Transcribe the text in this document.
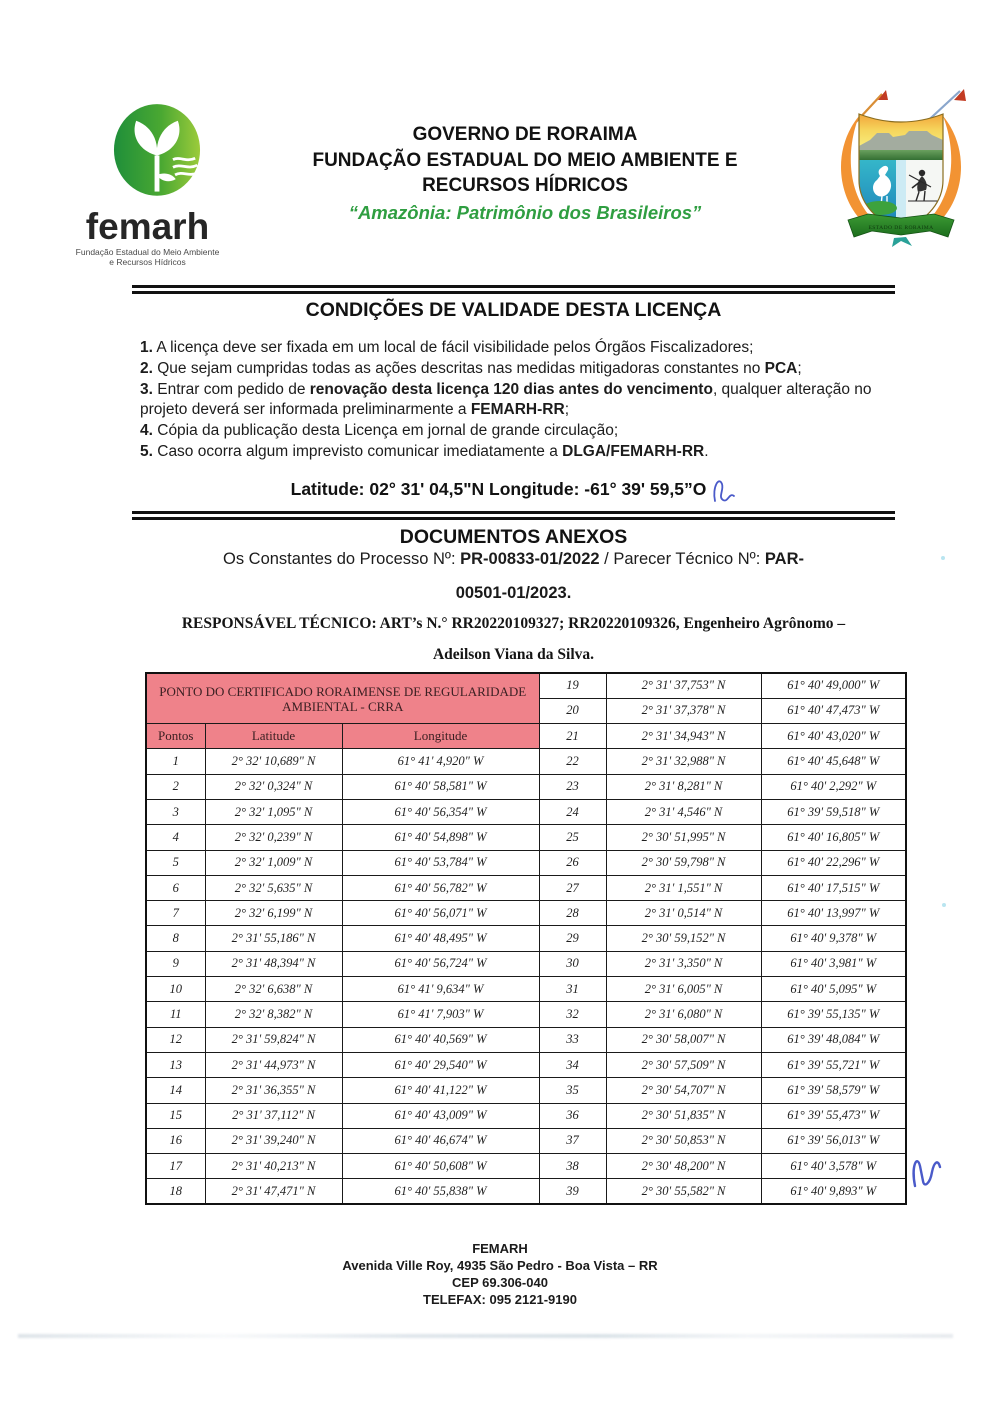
femarh
Fundação Estadual do Meio Ambiente
e Recursos Hídricos
GOVERNO DE RORAIMA
FUNDAÇÃO ESTADUAL DO MEIO AMBIENTE E
RECURSOS HÍDRICOS
“Amazônia: Patrimônio dos Brasileiros”
ESTADO DE RORAIMA
CONDIÇÕES DE VALIDADE DESTA LICENÇA

1. A licença deve ser fixada em um local de fácil visibilidade pelos Órgãos Fiscalizadores;

2. Que sejam cumpridas todas as ações descritas nas medidas mitigadoras constantes no PCA;

3. Entrar com pedido de renovação desta licença 120 dias antes do vencimento, qualquer alteração no projeto deverá ser informada preliminarmente a FEMARH-RR;

4. Cópia da publicação desta Licença em jornal de grande circulação;

5. Caso ocorra algum imprevisto comunicar imediatamente a DLGA/FEMARH-RR.

Latitude: 02° 31' 04,5"N Longitude: -61° 39' 59,5”O
DOCUMENTOS ANEXOS
Os Constantes do Processo Nº: PR-00833-01/2022 / Parecer Técnico Nº: PAR-
00501-01/2023.
RESPONSÁVEL TÉCNICO: ART’s N.° RR20220109327; RR20220109326, Engenheiro Agrônomo –
Adeilson Viana da Silva.
PONTO DO CERTIFICADO RORAIMENSE DE REGULARIDADE AMBIENTAL - CRRA			19	2° 31' 37,753" N	61° 40' 49,000" W
			20	2° 31' 37,378" N	61° 40' 47,473" W
Pontos	Latitude	Longitude	21	2° 31' 34,943" N	61° 40' 43,020" W
1	2° 32' 10,689" N	61° 41' 4,920" W	22	2° 31' 32,988" N	61° 40' 45,648" W
2	2° 32' 0,324" N	61° 40' 58,581" W	23	2° 31' 8,281" N	61° 40' 2,292" W
3	2° 32' 1,095" N	61° 40' 56,354" W	24	2° 31' 4,546" N	61° 39' 59,518" W
4	2° 32' 0,239" N	61° 40' 54,898" W	25	2° 30' 51,995" N	61° 40' 16,805" W
5	2° 32' 1,009" N	61° 40' 53,784" W	26	2° 30' 59,798" N	61° 40' 22,296" W
6	2° 32' 5,635" N	61° 40' 56,782" W	27	2° 31' 1,551" N	61° 40' 17,515" W
7	2° 32' 6,199" N	61° 40' 56,071" W	28	2° 31' 0,514" N	61° 40' 13,997" W
8	2° 31' 55,186" N	61° 40' 48,495" W	29	2° 30' 59,152" N	61° 40' 9,378" W
9	2° 31' 48,394" N	61° 40' 56,724" W	30	2° 31' 3,350" N	61° 40' 3,981" W
10	2° 32' 6,638" N	61° 41' 9,634" W	31	2° 31' 6,005" N	61° 40' 5,095" W
11	2° 32' 8,382" N	61° 41' 7,903" W	32	2° 31' 6,080" N	61° 39' 55,135" W
12	2° 31' 59,824" N	61° 40' 40,569" W	33	2° 30' 58,007" N	61° 39' 48,084" W
13	2° 31' 44,973" N	61° 40' 29,540" W	34	2° 30' 57,509" N	61° 39' 55,721" W
14	2° 31' 36,355" N	61° 40' 41,122" W	35	2° 30' 54,707" N	61° 39' 58,579" W
15	2° 31' 37,112" N	61° 40' 43,009" W	36	2° 30' 51,835" N	61° 39' 55,473" W
16	2° 31' 39,240" N	61° 40' 46,674" W	37	2° 30' 50,853" N	61° 39' 56,013" W
17	2° 31' 40,213" N	61° 40' 50,608" W	38	2° 30' 48,200" N	61° 40' 3,578" W
18	2° 31' 47,471" N	61° 40' 55,838" W	39	2° 30' 55,582" N	61° 40' 9,893" W
FEMARH
Avenida Ville Roy, 4935 São Pedro - Boa Vista – RR
CEP 69.306-040
TELEFAX: 095 2121-9190
